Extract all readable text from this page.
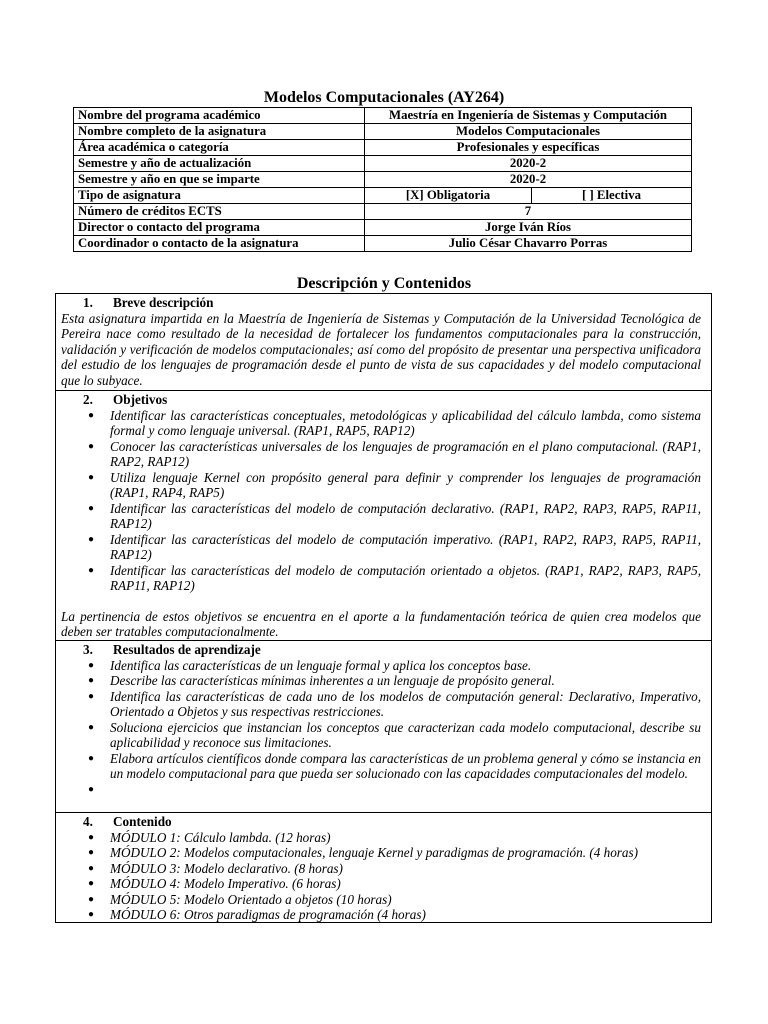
Modelos Computacionales (AY264)
Nombre del programa académico	Maestría en Ingeniería de Sistemas y Computación
Nombre completo de la asignatura	Modelos Computacionales
Área académica o categoría	Profesionales y específicas
Semestre y año de actualización	2020-2
Semestre y año en que se imparte	2020-2
Tipo de asignatura	[X] Obligatoria [ ] Electiva

Número de créditos ECTS	7
Director o contacto del programa	Jorge Iván Ríos
Coordinador o contacto de la asignatura	Julio César Chavarro Porras
Descripción y Contenidos
1. Breve descripción
Esta asignatura impartida en la Maestría de Ingeniería de Sistemas y Computación de la Universidad Tecnológica de Pereira nace como resultado de la necesidad de fortalecer los fundamentos computacionales para la construcción, validación y verificación de modelos computacionales; así como del propósito de presentar una perspectiva unificadora del estudio de los lenguajes de programación desde el punto de vista de sus capacidades y del modelo computacional que lo subyace.
2. Objetivos
● Identificar las características conceptuales, metodológicas y aplicabilidad del cálculo lambda, como sistema formal y como lenguaje universal. (RAP1, RAP5, RAP12)
● Conocer las características universales de los lenguajes de programación en el plano computacional. (RAP1, RAP2, RAP12)
● Utiliza lenguaje Kernel con propósito general para definir y comprender los lenguajes de programación (RAP1, RAP4, RAP5)
● Identificar las características del modelo de computación declarativo. (RAP1, RAP2, RAP3, RAP5, RAP11, RAP12)
● Identificar las características del modelo de computación imperativo. (RAP1, RAP2, RAP3, RAP5, RAP11, RAP12)
● Identificar las características del modelo de computación orientado a objetos. (RAP1, RAP2, RAP3, RAP5, RAP11, RAP12)
La pertinencia de estos objetivos se encuentra en el aporte a la fundamentación teórica de quien crea modelos que deben ser tratables computacionalmente.
3. Resultados de aprendizaje
● Identifica las características de un lenguaje formal y aplica los conceptos base.
● Describe las características mínimas inherentes a un lenguaje de propósito general.
● Identifica las características de cada uno de los modelos de computación general: Declarativo, Imperativo, Orientado a Objetos y sus respectivas restricciones.
● Soluciona ejercicios que instancian los conceptos que caracterizan cada modelo computacional, describe su aplicabilidad y reconoce sus limitaciones.
● Elabora artículos científicos donde compara las características de un problema general y cómo se instancia en un modelo computacional para que pueda ser solucionado con las capacidades computacionales del modelo.
●
4. Contenido
● MÓDULO 1: Cálculo lambda. (12 horas)
● MÓDULO 2: Modelos computacionales, lenguaje Kernel y paradigmas de programación. (4 horas)
● MÓDULO 3: Modelo declarativo. (8 horas)
● MÓDULO 4: Modelo Imperativo. (6 horas)
● MÓDULO 5: Modelo Orientado a objetos (10 horas)
● MÓDULO 6: Otros paradigmas de programación (4 horas)
